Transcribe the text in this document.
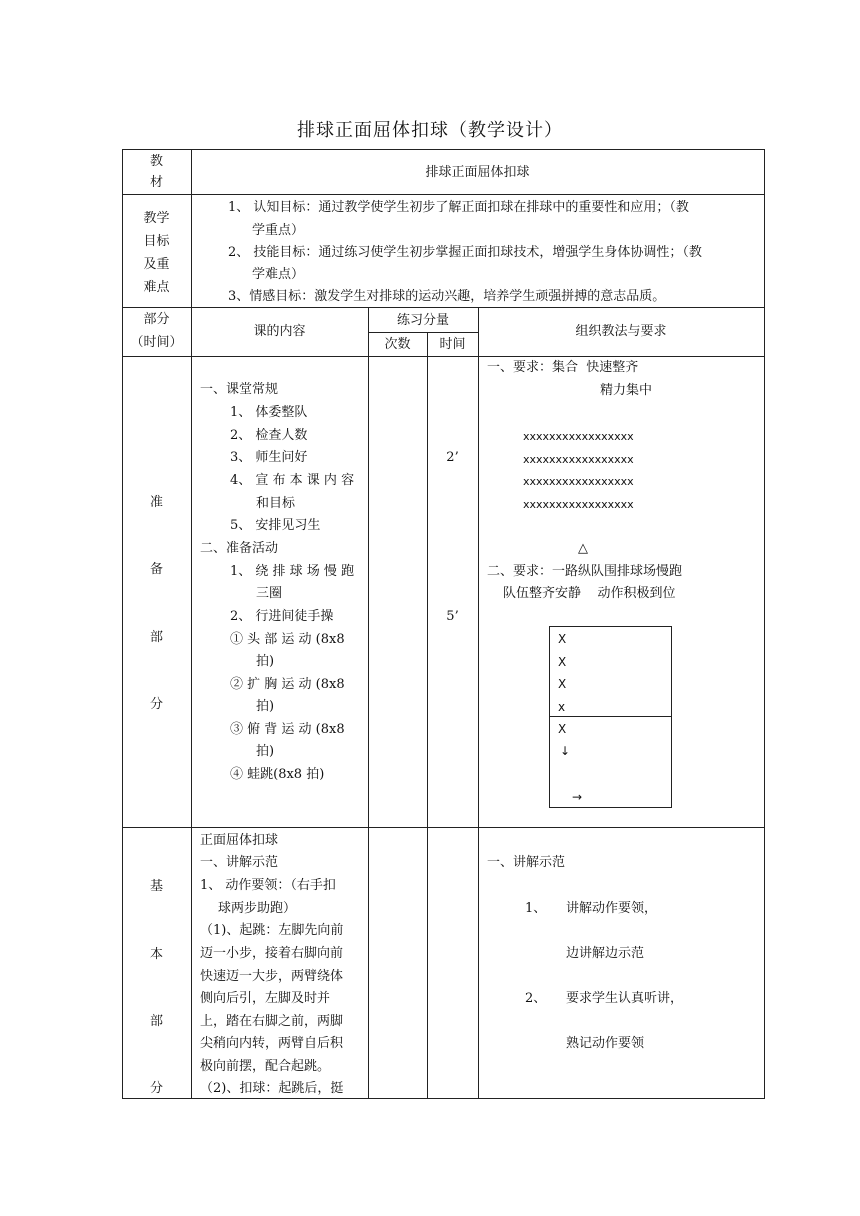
排球正面屈体扣球（教学设计）
教
材
排球正面屈体扣球
教学
目标
及重
难点
1、 认知目标：通过教学使学生初步了解正面扣球在排球中的重要性和应用；（教
学重点）
2、 技能目标：通过练习使学生初步掌握正面扣球技术，增强学生身体协调性；（教
学难点）
3、情感目标：激发学生对排球的运动兴趣，培养学生顽强拼搏的意志品质。
部分
（时间）
课的内容
练习分量
次数	时间
组织教法与要求
准
备
部
分
一、课堂常规
1、 体委整队
2、 检查人数
3、 师生问好
4、 宣 布 本 课 内 容
和目标
5、 安排见习生
二、准备活动
1、 绕 排 球 场 慢 跑
三圈
2、 行进间徒手操
① 头 部 运 动 (8x8
拍)
② 扩 胸 运 动 (8x8
拍)
③ 俯 背 运 动 (8x8
拍)
④ 蛙跳(8x8 拍)
2’
5’
一、要求：集合  快速整齐
精力集中
xxxxxxxxxxxxxxxxx
xxxxxxxxxxxxxxxxx
xxxxxxxxxxxxxxxxx
xxxxxxxxxxxxxxxxx
△
二、要求：一路纵队围排球场慢跑
队伍整齐安静    动作积极到位
X
X
X
x
X
↓
→
基
本
部
分
正面屈体扣球
一、讲解示范
1、 动作要领：（右手扣
球两步助跑）
（1)、起跳：左脚先向前
迈一小步，接着右脚向前
快速迈一大步，两臂绕体
侧向后引，左脚及时并
上，踏在右脚之前，两脚
尖稍向内转，两臂自后积
极向前摆，配合起跳。
（2)、扣球：起跳后，挺
一、讲解示范
1、 讲解动作要领，
边讲解边示范
2、 要求学生认真听讲，
熟记动作要领
